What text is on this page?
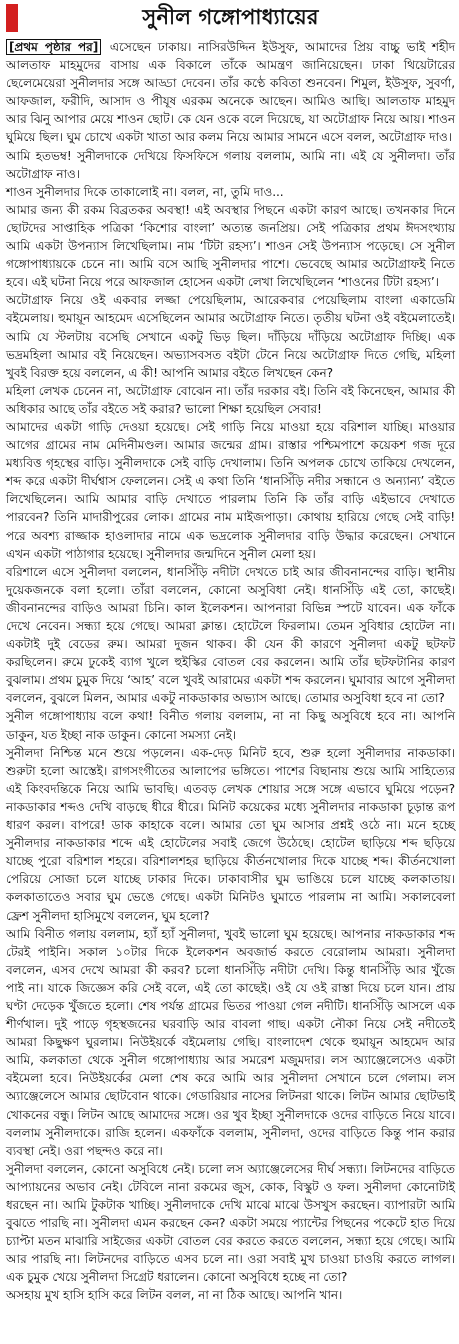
সুনীল গঙ্গোপাধ্যায়ের

[প্রথম পৃষ্ঠার পর] এসেছেন ঢাকায়। নাসিরউদ্দিন ইউসুফ, আমাদের প্রিয় বাচ্চু ভাই শহীদ আলতাফ মাহমুদের বাসায় এক বিকালে তাঁকে আমন্ত্রণ জানিয়েছেন। ঢাকা থিয়েটারের ছেলেমেয়েরা সুনীলদার সঙ্গে আড্ডা দেবেন। তাঁর কণ্ঠে কবিতা শুনবেন। শিমুল, ইউসুফ, সুবর্ণা, আফজাল, ফরীদি, আসাদ ও পীযূষ এরকম অনেকে আছেন। আমিও আছি। আলতাফ মাহমুদ আর ঝিনু আপার মেয়ে শাওন ছোট। কে যেন ওকে বলে দিয়েছে, যা অটোগ্রাফ নিয়ে আয়। শাওন ঘুমিয়ে ছিল। ঘুম চোখে একটা খাতা আর কলম নিয়ে আমার সামনে এসে বলল, অটোগ্রাফ দাও।

আমি হতভম্ব! সুনীলদাকে দেখিয়ে ফিসফিসে গলায় বললাম, আমি না। এই যে সুনীলদা। তাঁর অটোগ্রাফ নাও।

শাওন সুনীলদার দিকে তাকালোই না। বলল, না, তুমি দাও...

আমার জন্য কী রকম বিব্রতকর অবস্থা! এই অবস্থার পিছনে একটা কারণ আছে। তখনকার দিনে ছোটদের সাপ্তাহিক পত্রিকা ‘কিশোর বাংলা’ অত্যন্ত জনপ্রিয়। সেই পত্রিকার প্রথম ঈদসংখ্যায় আমি একটা উপন্যাস লিখেছিলাম। নাম ‘টিটা রহস্য’। শাওন সেই উপন্যাস পড়েছে। সে সুনীল গঙ্গোপাধ্যায়কে চেনে না। আমি বসে আছি সুনীলদার পাশে। ভেবেছে আমার অটোগ্রাফই নিতে হবে। এই ঘটনা নিয়ে পরে আফজাল হোসেন একটা লেখা লিখেছিলেন ‘শাওনের টিটা রহস্য’।

অটোগ্রাফ নিয়ে ওই একবার লজ্জা পেয়েছিলাম, আরেকবার পেয়েছিলাম বাংলা একাডেমি বইমেলায়। হুমায়ূন আহমেদ এসেছিলেন আমার অটোগ্রাফ নিতে। তৃতীয় ঘটনা ওই বইমেলাতেই। আমি যে স্টলটায় বসেছি সেখানে একটু ভিড় ছিল। দাঁড়িয়ে দাঁড়িয়ে অটোগ্রাফ দিচ্ছি। এক ভদ্রমহিলা আমার বই নিয়েছেন। অভ্যাসবসত বইটা টেনে নিয়ে অটোগ্রাফ দিতে গেছি, মহিলা খুবই বিরক্ত হয়ে বললেন, এ কী! আপনি আমার বইতে লিখছেন কেন?

মহিলা লেখক চেনেন না, অটোগ্রাফ বোঝেন না। তাঁর দরকার বই। তিনি বই কিনেছেন, আমার কী অধিকার আছে তাঁর বইতে সই করার? ভালো শিক্ষা হয়েছিল সেবার!

আমাদের একটা গাড়ি দেওয়া হয়েছে। সেই গাড়ি নিয়ে মাওয়া হয়ে বরিশাল যাচ্ছি। মাওয়ার আগের গ্রামের নাম মেদিনীমণ্ডল। আমার জন্মের গ্রাম। রাস্তার পশ্চিমপাশে কয়েকশ গজ দূরে মধ্যবিত্ত গৃহস্থের বাড়ি। সুনীলদাকে সেই বাড়ি দেখালাম। তিনি অপলক চোখে তাকিয়ে দেখলেন, শব্দ করে একটা দীর্ঘশ্বাস ফেললেন। সেই এ কথা তিনি ‘ধানসিঁড়ি নদীর সন্ধানে ও অন্যান্য’ বইতে লিখেছিলেন। আমি আমার বাড়ি দেখাতে পারলাম তিনি কি তাঁর বাড়ি এইভাবে দেখাতে পারবেন? তিনি মাদারীপুরের লোক। গ্রামের নাম মাইজপাড়া। কোথায় হারিয়ে গেছে সেই বাড়ি! পরে অবশ্য রাজ্জাক হাওলাদার নামে এক ভদ্রলোক সুনীলদার বাড়ি উদ্ধার করেছেন। সেখানে এখন একটা পাঠাগার হয়েছে। সুনীলদার জন্মদিনে সুনীল মেলা হয়।

বরিশালে এসে সুনীলদা বললেন, ধানসিঁড়ি নদীটা দেখতে চাই আর জীবনানন্দের বাড়ি। স্থানীয় দুয়েকজনকে বলা হলো। তাঁরা বললেন, কোনো অসুবিধা নেই। ধানসিঁড়ি এই তো, কাছেই। জীবনানন্দের বাড়িও আমরা চিনি। কাল ইলেকশন। আপনারা বিভিন্ন স্পটে যাবেন। এক ফাঁকে দেখে নেবেন। সন্ধ্যা হয়ে গেছে। আমরা ক্লান্ত। হোটেলে ফিরলাম। তেমন সুবিধার হোটেল না। একটাই দুই বেডের রুম। আমরা দুজন থাকব। কী যেন কী কারণে সুনীলদা একটু ছটফট করছিলেন। রুমে ঢুকেই ব্যাগ খুলে হুইস্কির বোতল বের করলেন। আমি তাঁর ছটফটানির কারণ বুঝলাম। প্রথম চুমুক দিয়ে ‘আহ’ বলে খুবই আরামের একটা শব্দ করলেন। ঘুমাবার আগে সুনীলদা বললেন, বুঝলে মিলন, আমার একটু নাকডাকার অভ্যাস আছে। তোমার অসুবিধা হবে না তো?

সুনীল গঙ্গোপাধ্যায় বলে কথা! বিনীত গলায় বললাম, না না কিছু অসুবিধে হবে না। আপনি ডাকুন, যত ইচ্ছা নাক ডাকুন। কোনো সমস্যা নেই।

সুনীলদা নিশ্চিন্ত মনে শুয়ে পড়লেন। এক-দেড় মিনিট হবে, শুরু হলো সুনীলদার নাকডাকা। শুরুটা হলো আস্তেই। রাগসংগীতের আলাপের ভঙ্গিতে। পাশের বিছানায় শুয়ে আমি সাহিত্যের এই কিংবদন্তিকে নিয়ে আমি ভাবছি। এতবড় লেখক শোয়ার সঙ্গে সঙ্গে এভাবে ঘুমিয়ে পড়েন? নাকডাকার শব্দও দেখি বাড়ছে ধীরে ধীরে। মিনিট কয়েকের মধ্যে সুনীলদার নাকডাকা চূড়ান্ত রূপ ধারণ করল। বাপরে! ডাক কাহাকে বলে। আমার তো ঘুম আসার প্রশ্নই ওঠে না। মনে হচ্ছে সুনীলদার নাকডাকার শব্দে এই হোটেলের সবাই জেগে উঠেছে। হোটেল ছাড়িয়ে শব্দ ছড়িয়ে যাচ্ছে পুরো বরিশাল শহরে। বরিশালশহর ছাড়িয়ে কীর্তনখোলার দিকে যাচ্ছে শব্দ। কীর্তনখোলা পেরিয়ে সোজা চলে যাচ্ছে ঢাকার দিকে। ঢাকাবাসীর ঘুম ভাঙিয়ে চলে যাচ্ছে কলকাতায়। কলকাতাতেও সবার ঘুম ভেঙে গেছে। একটা মিনিটও ঘুমাতে পারলাম না আমি। সকালবেলা ফ্রেশ সুনীলদা হাসিমুখে বললেন, ঘুম হলো?

আমি বিনীত গলায় বললাম, হ্যাঁ হ্যাঁ সুনীলদা, খুবই ভালো ঘুম হয়েছে। আপনার নাকডাকার শব্দ টেরই পাইনি। সকাল ১০টার দিকে ইলেকশন অবজার্ভ করতে বেরোলাম আমরা। সুনীলদা বললেন, এসব দেখে আমরা কী করব? চলো ধানসিঁড়ি নদীটা দেখি। কিন্তু ধানসিঁড়ি আর খুঁজে পাই না। যাকে জিজ্ঞেস করি সেই বলে, এই তো কাছেই। ওই যে ওই রাস্তা দিয়ে চলে যান। প্রায় ঘণ্টা দেড়েক খুঁজতে হলো। শেষ পর্যন্ত গ্রামের ভিতর পাওয়া গেল নদীটি। ধানসিঁড়ি আসলে এক শীর্ণখাল। দুই পাড়ে গৃহস্থজনের ঘরবাড়ি আর বাবলা গাছ। একটা নৌকা নিয়ে সেই নদীতেই আমরা কিছুক্ষণ ঘুরলাম। নিউইয়র্কে বইমেলায় গেছি। বাংলাদেশ থেকে হুমায়ূন আহমেদ আর আমি, কলকাতা থেকে সুনীল গঙ্গোপাধ্যায় আর সমরেশ মজুমদার। লস অ্যাঞ্জেলেসেও একটা বইমেলা হবে। নিউইয়র্কের মেলা শেষ করে আমি আর সুনীলদা সেখানে চলে গেলাম। লস অ্যাঞ্জেলেসে আমার ছোটবোন থাকে। গেডারিয়ার নাসের লিটনরা থাকে। লিটন আমার ছোটভাই খোকনের বন্ধু। লিটন আছে আমাদের সঙ্গে। ওর খুব ইচ্ছা সুনীলদাকে ওদের বাড়িতে নিয়ে যাবে। বললাম সুনীলদাকে। রাজি হলেন। একফাঁকে বললাম, সুনীলদা, ওদের বাড়িতে কিন্তু পান করার ব্যবস্থা নেই। ওরা পছন্দও করে না।

সুনীলদা বললেন, কোনো অসুবিধে নেই। চলো লস অ্যাঞ্জেলেসের দীর্ঘ সন্ধ্যা। লিটনদের বাড়িতে আপ্যায়নের অভাব নেই। টেবিলে নানা রকমের জুস, কোক, বিস্কুট ও ফল। সুনীলদা কোনোটাই ধরছেন না। আমি টুকটাক খাচ্ছি। সুনীলদাকে দেখি মাঝে মাঝে উসখুস করছেন। ব্যাপারটা আমি বুঝতে পারছি না। সুনীলদা এমন করছেন কেন? একটা সময়ে প্যান্টের পিছনের পকেটে হাত দিয়ে চ্যাপ্টা মতন মাঝারি সাইজের একটা বোতল বের করতে করতে বললেন, সন্ধ্যা হয়ে গেছে। আমি আর পারছি না। লিটনদের বাড়িতে এসব চলে না। ওরা সবাই মুখ চাওয়া চাওয়ি করতে লাগল। এক চুমুক খেয়ে সুনীলদা সিগ্রেট ধরালেন। কোনো অসুবিধে হচ্ছে না তো?

অসহায় মুখ হাসি হাসি করে লিটন বলল, না না ঠিক আছে। আপনি খান।
